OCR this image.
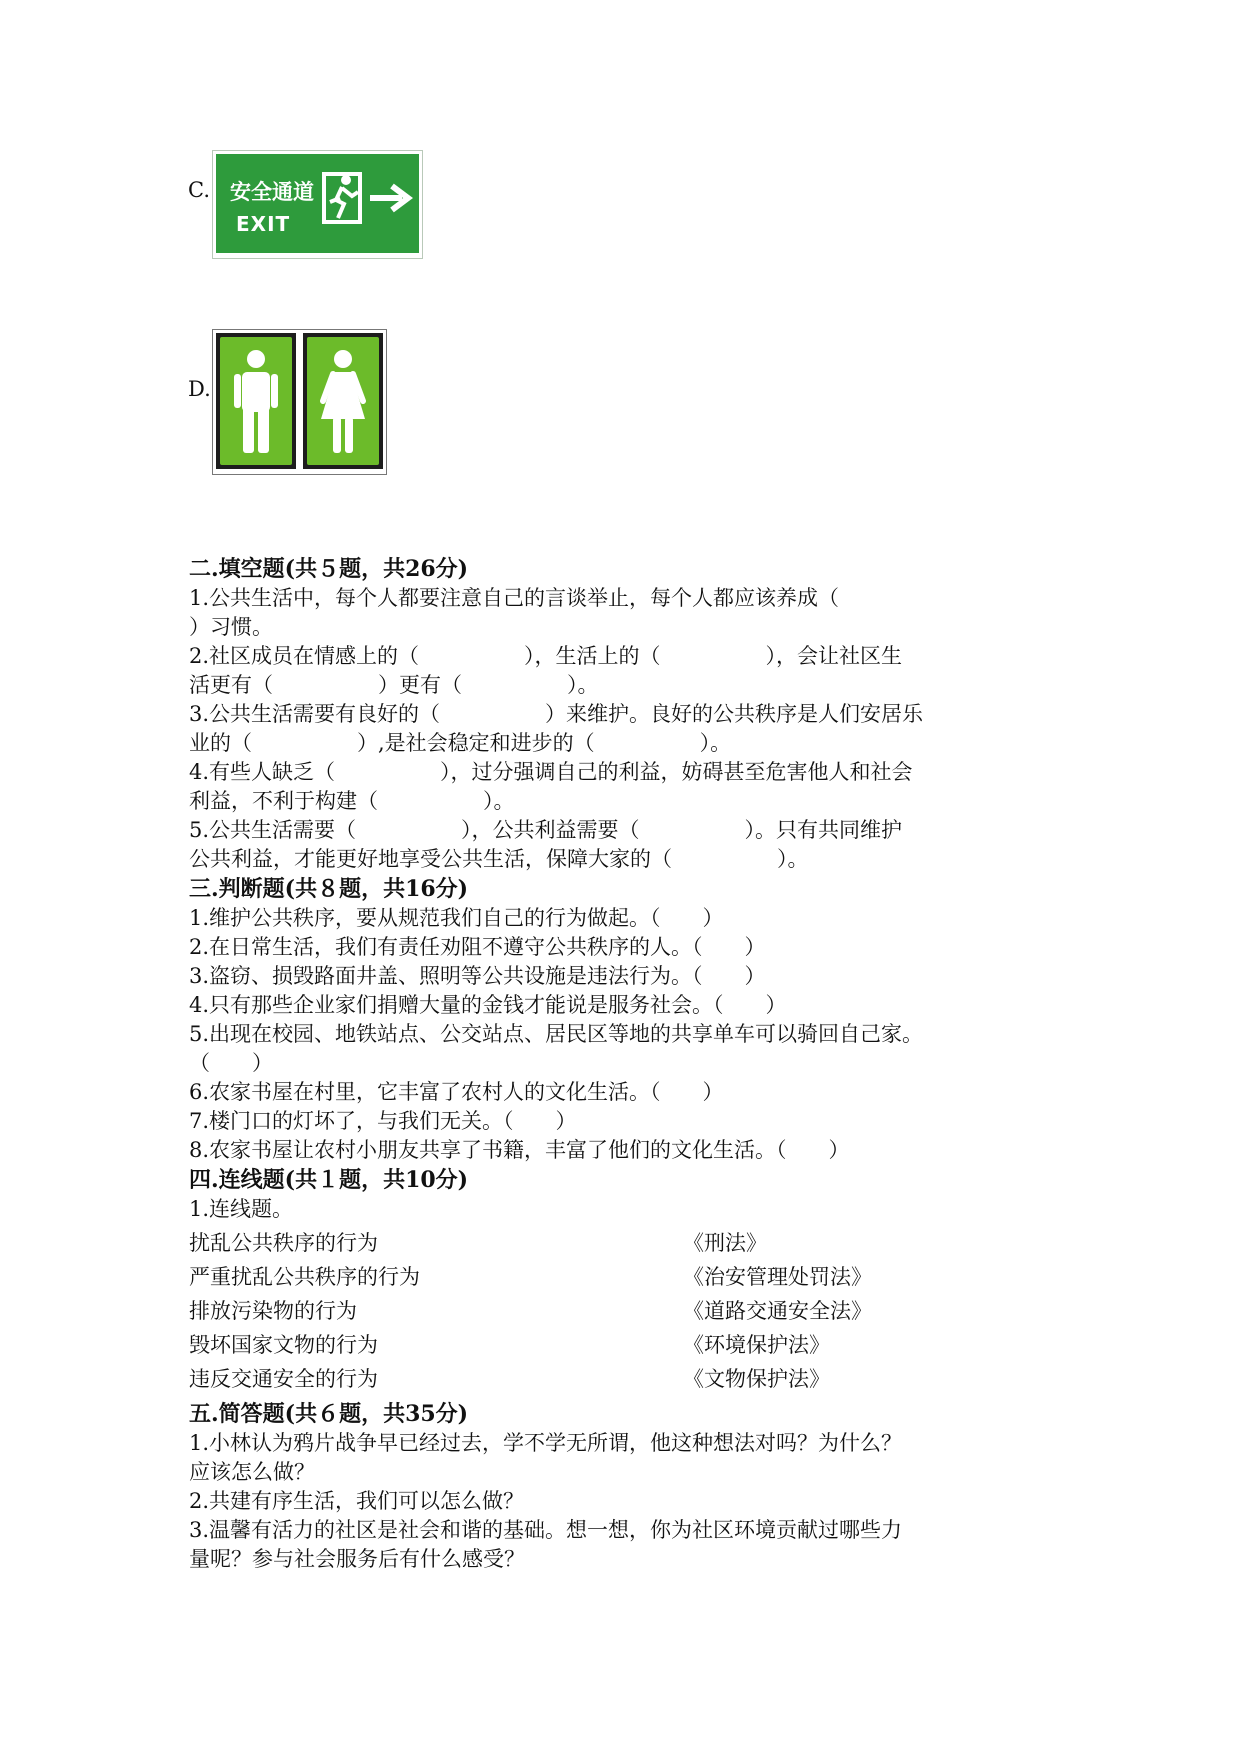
C. 安全通道
EXIT
D.
二.填空题(共５题，共26分)
1.公共生活中，每个人都要注意自己的言谈举止，每个人都应该养成（
）习惯。
2.社区成员在情感上的（　　　　　），生活上的（　　　　　），会让社区生
活更有（　　　　　）更有（　　　　　）。
3.公共生活需要有良好的（　　　　　）来维护。良好的公共秩序是人们安居乐
业的（　　　　　）,是社会稳定和进步的（　　　　　）。
4.有些人缺乏（　　　　　），过分强调自己的利益，妨碍甚至危害他人和社会
利益，不利于构建（　　　　　）。
5.公共生活需要（　　　　　），公共利益需要（　　　　　）。只有共同维护
公共利益，才能更好地享受公共生活，保障大家的（　　　　　）。
三.判断题(共８题，共16分)
1.维护公共秩序，要从规范我们自己的行为做起。（　　）
2.在日常生活，我们有责任劝阻不遵守公共秩序的人。（　　）
3.盗窃、损毁路面井盖、照明等公共设施是违法行为。（　　）
4.只有那些企业家们捐赠大量的金钱才能说是服务社会。（　　）
5.出现在校园、地铁站点、公交站点、居民区等地的共享单车可以骑回自己家。
（　　）
6.农家书屋在村里，它丰富了农村人的文化生活。（　　）
7.楼门口的灯坏了，与我们无关。（　　）
8.农家书屋让农村小朋友共享了书籍，丰富了他们的文化生活。（　　）
四.连线题(共１题，共10分)
1.连线题。
扰乱公共秩序的行为	《刑法》
严重扰乱公共秩序的行为	《治安管理处罚法》
排放污染物的行为	《道路交通安全法》
毁坏国家文物的行为	《环境保护法》
违反交通安全的行为	《文物保护法》
五.简答题(共６题，共35分)
1.小林认为鸦片战争早已经过去，学不学无所谓，他这种想法对吗？为什么？
应该怎么做？
2.共建有序生活，我们可以怎么做？
3.温馨有活力的社区是社会和谐的基础。想一想，你为社区环境贡献过哪些力
量呢？参与社会服务后有什么感受？
